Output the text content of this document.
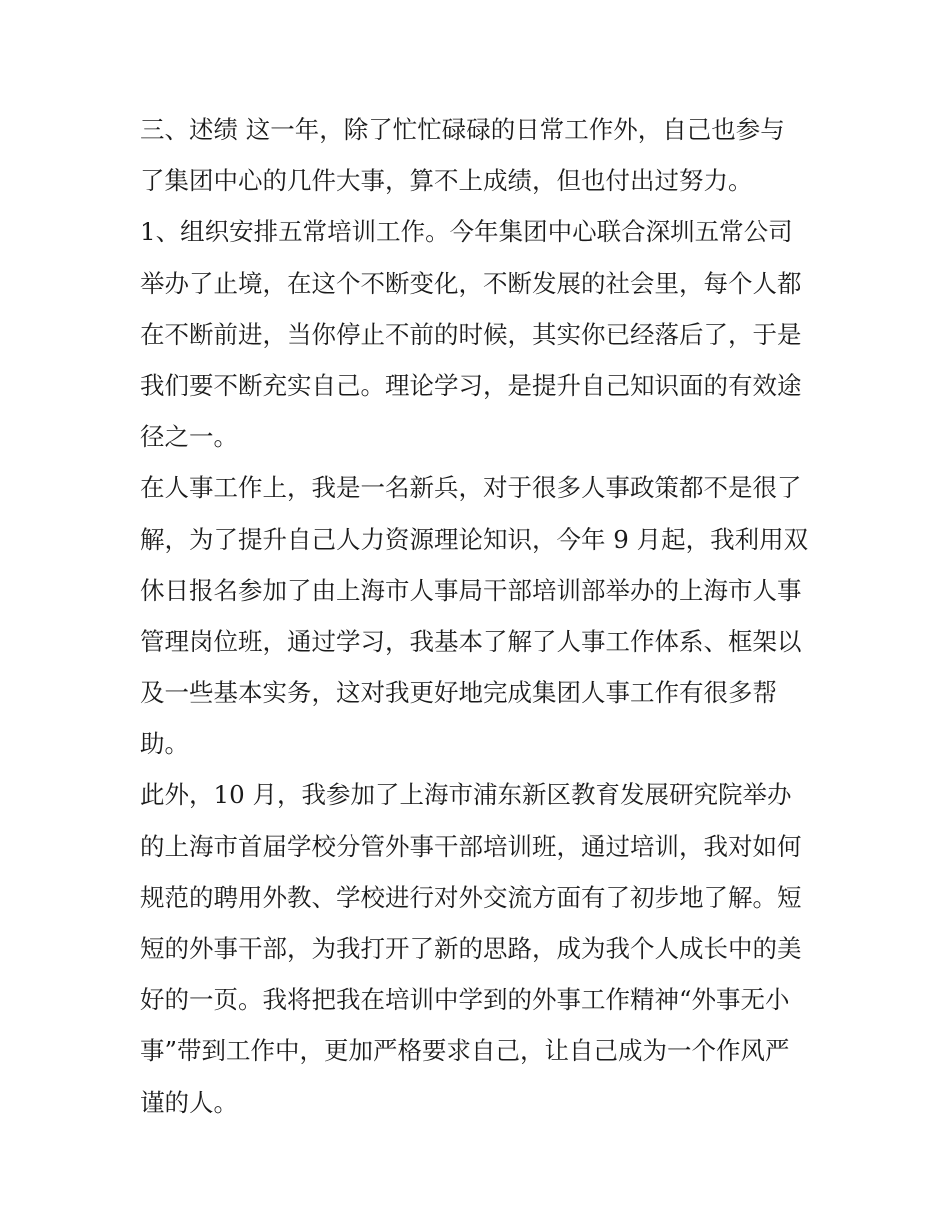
三、述绩 这一年，除了忙忙碌碌的日常工作外，自己也参与
了集团中心的几件大事，算不上成绩，但也付出过努力。
1、组织安排五常培训工作。今年集团中心联合深圳五常公司
举办了止境，在这个不断变化，不断发展的社会里，每个人都
在不断前进，当你停止不前的时候，其实你已经落后了，于是
我们要不断充实自己。理论学习，是提升自己知识面的有效途
径之一。
在人事工作上，我是一名新兵，对于很多人事政策都不是很了
解，为了提升自己人力资源理论知识，今年 9 月起，我利用双
休日报名参加了由上海市人事局干部培训部举办的上海市人事
管理岗位班，通过学习，我基本了解了人事工作体系、框架以
及一些基本实务，这对我更好地完成集团人事工作有很多帮
助。
此外，10 月，我参加了上海市浦东新区教育发展研究院举办
的上海市首届学校分管外事干部培训班，通过培训，我对如何
规范的聘用外教、学校进行对外交流方面有了初步地了解。短
短的外事干部，为我打开了新的思路，成为我个人成长中的美
好的一页。我将把我在培训中学到的外事工作精神“外事无小
事”带到工作中，更加严格要求自己，让自己成为一个作风严
谨的人。
